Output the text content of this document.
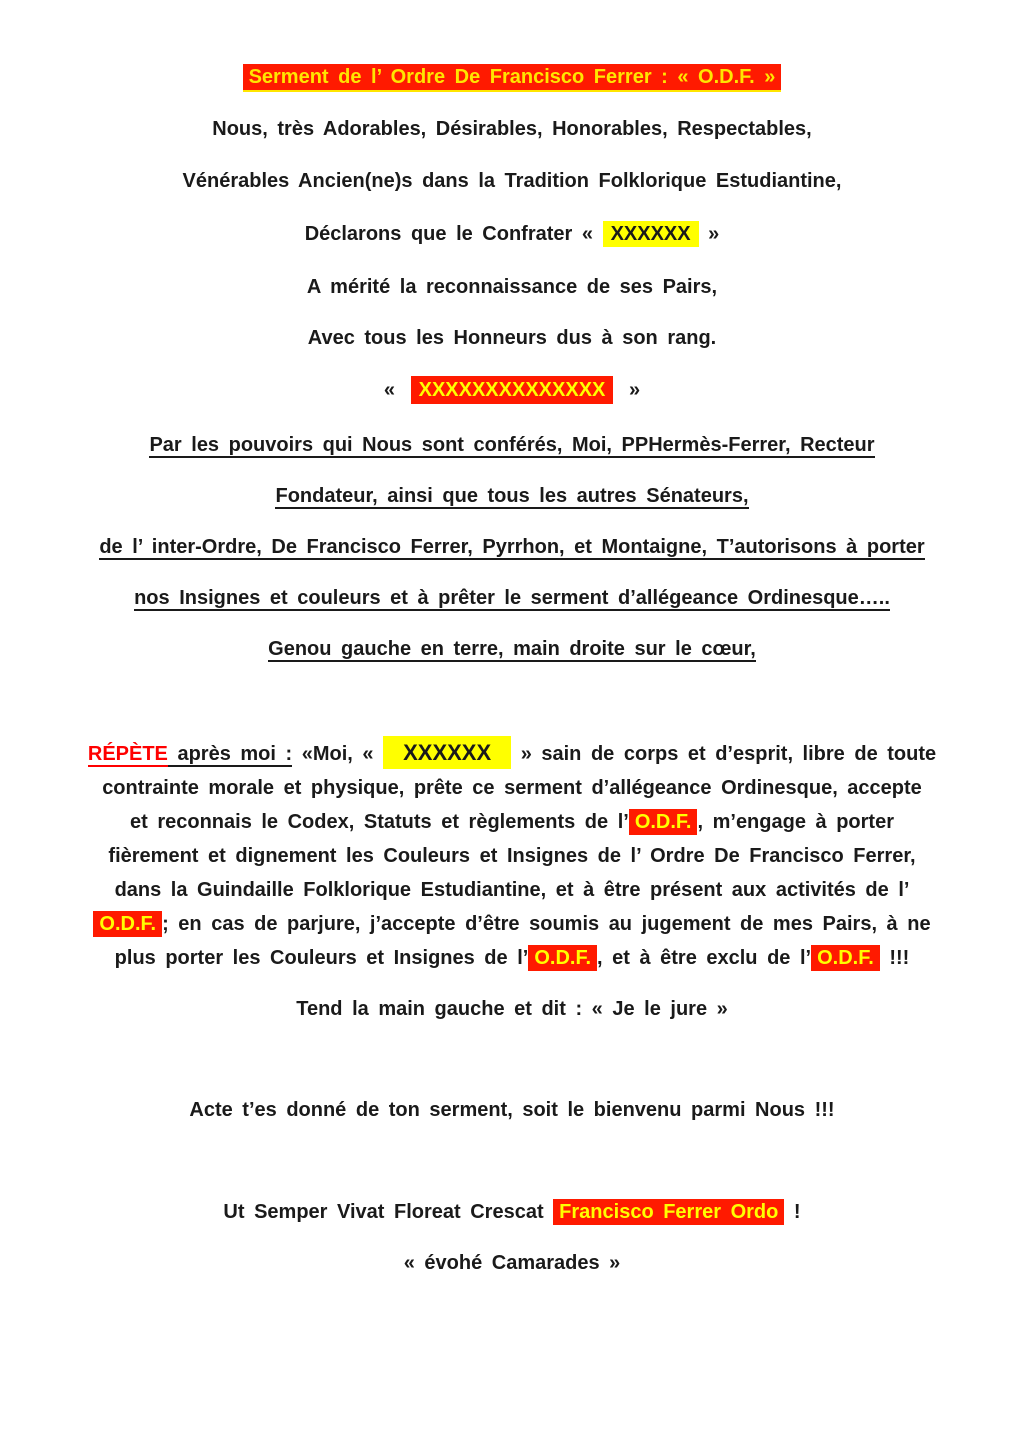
Serment de l’ Ordre De Francisco Ferrer : « O.D.F. »
Nous, très Adorables, Désirables, Honorables, Respectables,
Vénérables Ancien(ne)s dans la Tradition Folklorique Estudiantine,
Déclarons que le Confrater « XXXXXX »
A mérité la reconnaissance de ses Pairs,
Avec tous les Honneurs dus à son rang.
« XXXXXXXXXXXXXX »
Par les pouvoirs qui Nous sont conférés, Moi, PPHermès-Ferrer, Recteur
Fondateur, ainsi que tous les autres Sénateurs,
de l’ inter-Ordre, De Francisco Ferrer, Pyrrhon, et Montaigne, T’autorisons à porter
nos Insignes et couleurs et à prêter le serment d’allégeance Ordinesque…..
Genou gauche en terre, main droite sur le cœur,
RÉPÈTE après moi : «Moi, « XXXXXX » sain de corps et d’esprit, libre de toute
contrainte morale et physique, prête ce serment d’allégeance Ordinesque, accepte
et reconnais le Codex, Statuts et règlements de l’ O.D.F. , m’engage à porter
fièrement et dignement les Couleurs et Insignes de l’ Ordre De Francisco Ferrer,
dans la Guindaille Folklorique Estudiantine, et à être présent aux activités de l’
O.D.F. ; en cas de parjure, j’accepte d’être soumis au jugement de mes Pairs, à ne
plus porter les Couleurs et Insignes de l’ O.D.F. , et à être exclu de l’ O.D.F. !!!
Tend la main gauche et dit : « Je le jure »
Acte t’es donné de ton serment, soit le bienvenu parmi Nous !!!
Ut Semper Vivat Floreat Crescat Francisco Ferrer Ordo !
« évohé Camarades »
